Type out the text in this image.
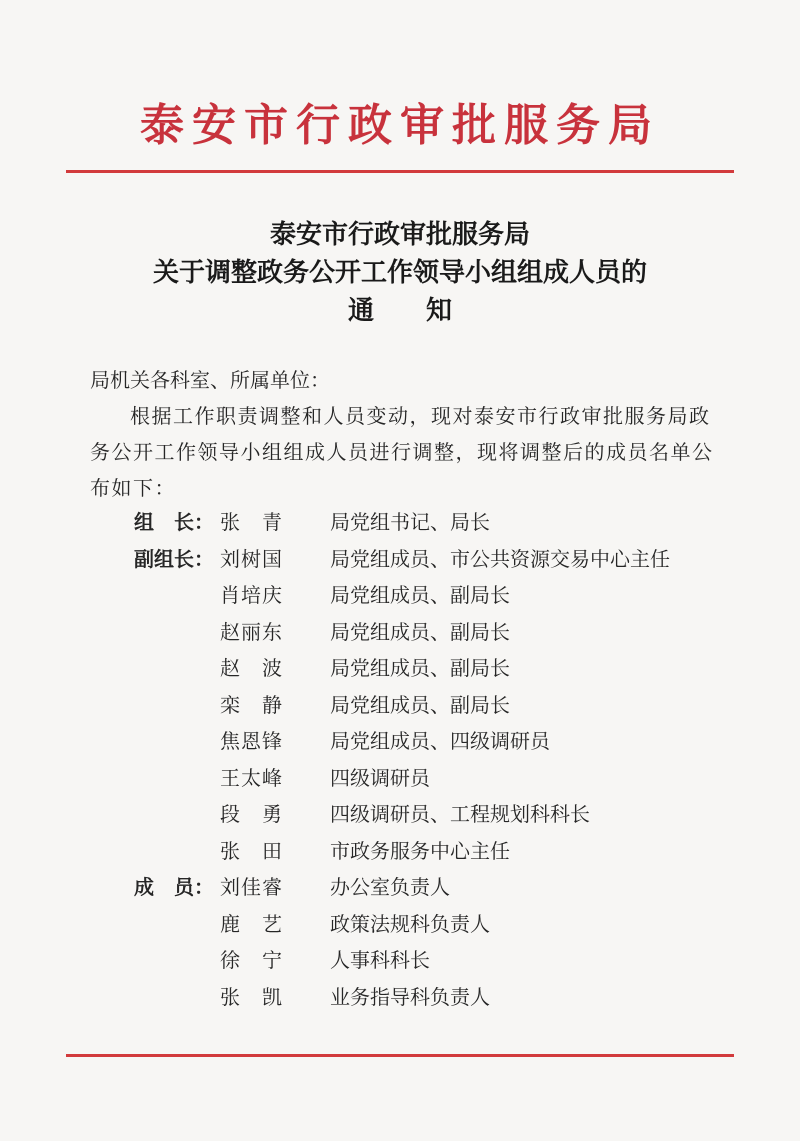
泰安市行政审批服务局
泰安市行政审批服务局
关于调整政务公开工作领导小组组成人员的
通知
局机关各科室、所属单位：
根据工作职责调整和人员变动，现对泰安市行政审批服务局政务公开工作领导小组组成人员进行调整，现将调整后的成员名单公布如下：
组　长： 张　青	局党组书记、局长
副组长： 刘树国	局党组成员、市公共资源交易中心主任
肖培庆	局党组成员、副局长
赵丽东	局党组成员、副局长
赵　波	局党组成员、副局长
栾　静	局党组成员、副局长
焦恩锋	局党组成员、四级调研员
王太峰	四级调研员
段　勇	四级调研员、工程规划科科长
张　田	市政务服务中心主任
成　员： 刘佳睿	办公室负责人
鹿　艺	政策法规科负责人
徐　宁	人事科科长
张　凯	业务指导科负责人
